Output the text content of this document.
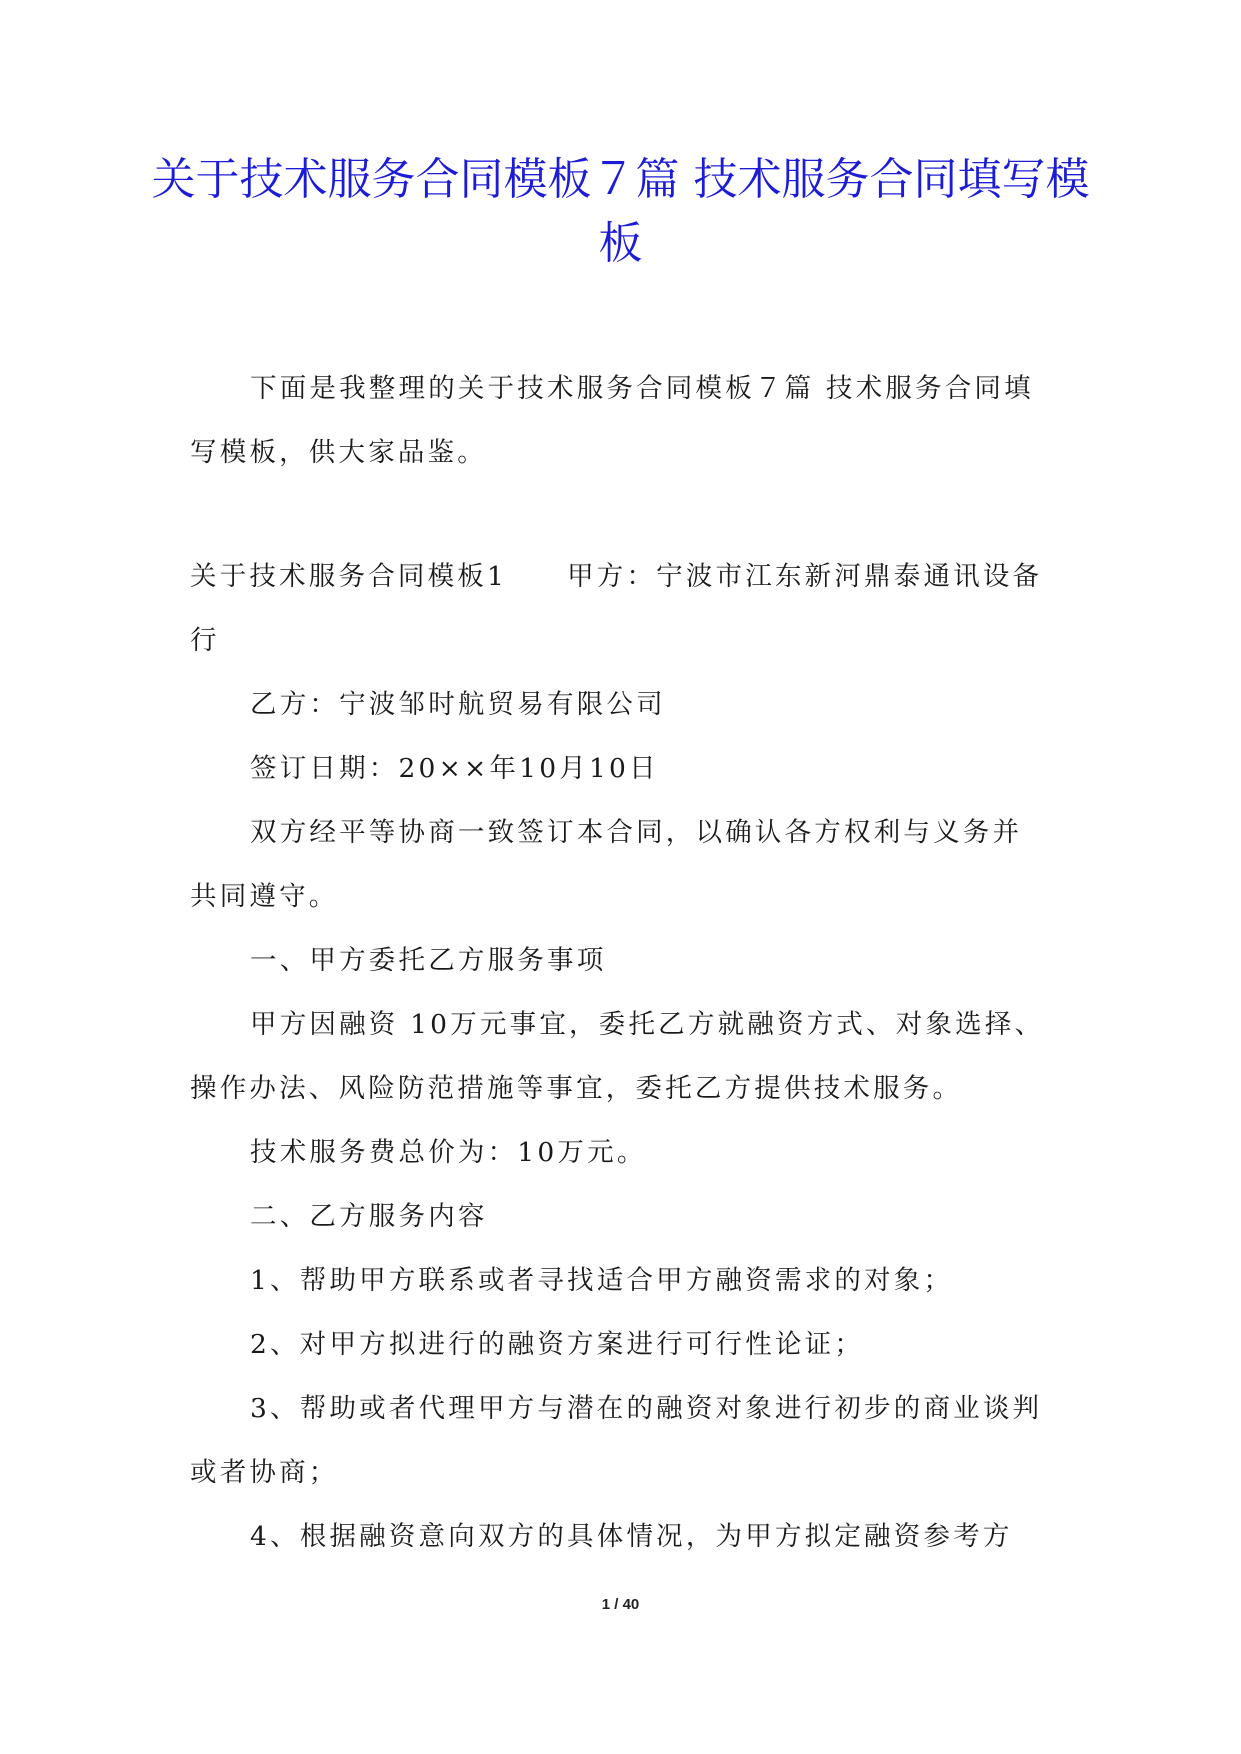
关于技术服务合同模板７篇 技术服务合同填写模板

下面是我整理的关于技术服务合同模板７篇 技术服务合同填写模板，供大家品鉴。

关于技术服务合同模板1 甲方：宁波市江东新河鼎泰通讯设备行

乙方：宁波邹时航贸易有限公司

签订日期：20××年10月10日

双方经平等协商一致签订本合同，以确认各方权利与义务并共同遵守。

一、甲方委托乙方服务事项

甲方因融资 10万元事宜，委托乙方就融资方式、对象选择、操作办法、风险防范措施等事宜，委托乙方提供技术服务。

技术服务费总价为：10万元。

二、乙方服务内容

1、帮助甲方联系或者寻找适合甲方融资需求的对象；

2、对甲方拟进行的融资方案进行可行性论证；

3、帮助或者代理甲方与潜在的融资对象进行初步的商业谈判或者协商；

4、根据融资意向双方的具体情况，为甲方拟定融资参考方

1 / 40
